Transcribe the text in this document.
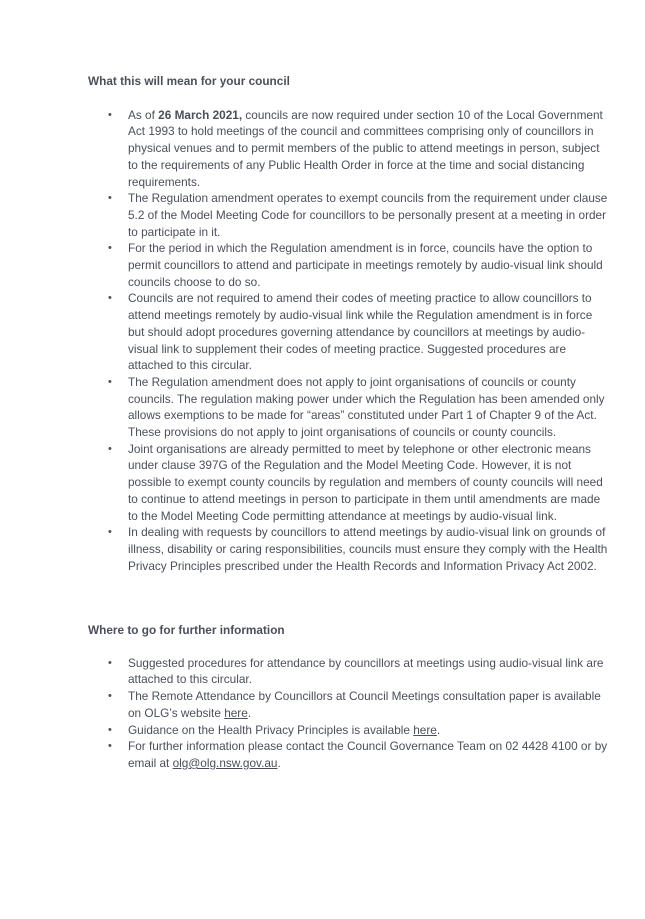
What this will mean for your council

• As of 26 March 2021, councils are now required under section 10 of the Local Government Act 1993 to hold meetings of the council and committees comprising only of councillors in physical venues and to permit members of the public to attend meetings in person, subject to the requirements of any Public Health Order in force at the time and social distancing requirements.
• The Regulation amendment operates to exempt councils from the requirement under clause 5.2 of the Model Meeting Code for councillors to be personally present at a meeting in order to participate in it.
• For the period in which the Regulation amendment is in force, councils have the option to permit councillors to attend and participate in meetings remotely by audio-visual link should councils choose to do so.
• Councils are not required to amend their codes of meeting practice to allow councillors to attend meetings remotely by audio-visual link while the Regulation amendment is in force but should adopt procedures governing attendance by councillors at meetings by audio-visual link to supplement their codes of meeting practice. Suggested procedures are attached to this circular.
• The Regulation amendment does not apply to joint organisations of councils or county councils. The regulation making power under which the Regulation has been amended only allows exemptions to be made for “areas” constituted under Part 1 of Chapter 9 of the Act. These provisions do not apply to joint organisations of councils or county councils.
• Joint organisations are already permitted to meet by telephone or other electronic means under clause 397G of the Regulation and the Model Meeting Code. However, it is not possible to exempt county councils by regulation and members of county councils will need to continue to attend meetings in person to participate in them until amendments are made to the Model Meeting Code permitting attendance at meetings by audio-visual link.
• In dealing with requests by councillors to attend meetings by audio-visual link on grounds of illness, disability or caring responsibilities, councils must ensure they comply with the Health Privacy Principles prescribed under the Health Records and Information Privacy Act 2002.

Where to go for further information

• Suggested procedures for attendance by councillors at meetings using audio-visual link are attached to this circular.
• The Remote Attendance by Councillors at Council Meetings consultation paper is available on OLG’s website here.
• Guidance on the Health Privacy Principles is available here.
• For further information please contact the Council Governance Team on 02 4428 4100 or by email at olg@olg.nsw.gov.au.
